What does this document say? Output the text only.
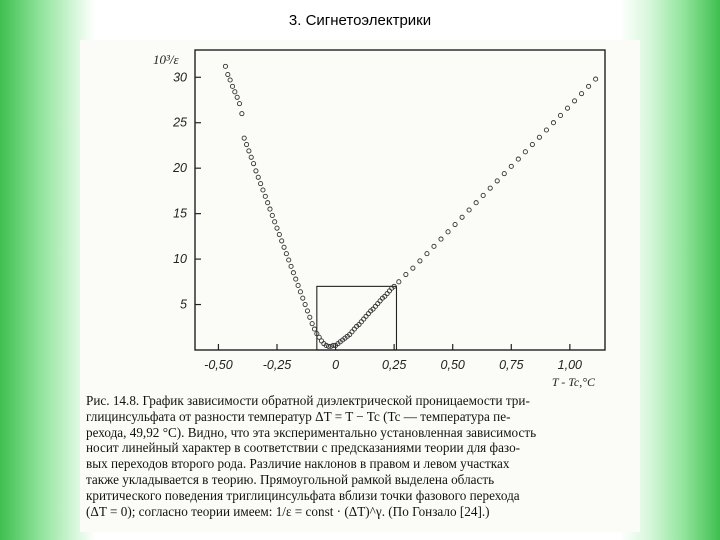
3. Сигнетоэлектрики
-0,50 -0,25	0	0,25	0,50	0,75	1,00
5
10
15
20
25
30
10³/ε
T - Tc,°C
Рис. 14.8. График зависимости обратной диэлектрической проницаемости три-
глицинсульфата от разности температур ΔT = T − Tc (Tc — температура пе-
рехода, 49,92 °C). Видно, что эта экспериментально установленная зависимость
носит линейный характер в соответствии с предсказаниями теории для фазо-
вых переходов второго рода. Различие наклонов в правом и левом участках
также укладывается в теорию. Прямоугольной рамкой выделена область
критического поведения триглицинсульфата вблизи точки фазового перехода
(ΔT = 0); согласно теории имеем: 1/ε = const · (ΔT)^γ. (По Гонзало [24].)
